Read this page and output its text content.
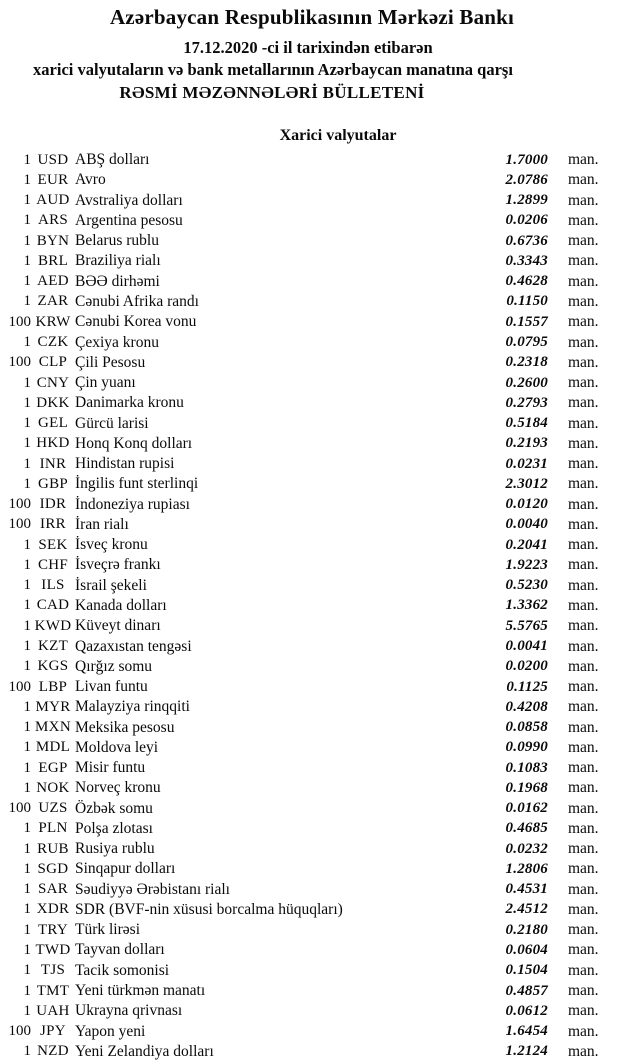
Azərbaycan Respublikasının Mərkəzi Bankı
17.12.2020 -ci il tarixindən etibarən
xarici valyutaların və bank metallarının Azərbaycan manatına qarşı
RƏSMİ MƏZƏNNƏLƏRİ BÜLLETENİ
Xarici valyutalar
1 USD ABŞ dolları	1.7000	man.
1 EUR Avro	2.0786	man.
1 AUD Avstraliya dolları	1.2899	man.
1 ARS Argentina pesosu	0.0206	man.
1 BYN Belarus rublu	0.6736	man.
1 BRL Braziliya rialı	0.3343	man.
1 AED BƏƏ dirhəmi	0.4628	man.
1 ZAR Cənubi Afrika randı	0.1150	man.
100 KRW Cənubi Korea vonu	0.1557	man.
1 CZK Çexiya kronu	0.0795	man.
100 CLP Çili Pesosu	0.2318	man.
1 CNY Çin yuanı	0.2600	man.
1 DKK Danimarka kronu	0.2793	man.
1 GEL Gürcü larisi	0.5184	man.
1 HKD Honq Konq dolları	0.2193	man.
1 INR Hindistan rupisi	0.0231	man.
1 GBP İngilis funt sterlinqi	2.3012	man.
100 IDR İndoneziya rupiası	0.0120	man.
100 IRR İran rialı	0.0040	man.
1 SEK İsveç kronu	0.2041	man.
1 CHF İsveçrə frankı	1.9223	man.
1 ILS İsrail şekeli	0.5230	man.
1 CAD Kanada dolları	1.3362	man.
1 KWD Küveyt dinarı	5.5765	man.
1 KZT Qazaxıstan tengəsi	0.0041	man.
1 KGS Qırğız somu	0.0200	man.
100 LBP Livan funtu	0.1125	man.
1 MYR Malayziya rinqqiti	0.4208	man.
1 MXN Meksika pesosu	0.0858	man.
1 MDL Moldova leyi	0.0990	man.
1 EGP Misir funtu	0.1083	man.
1 NOK Norveç kronu	0.1968	man.
100 UZS Özbək somu	0.0162	man.
1 PLN Polşa zlotası	0.4685	man.
1 RUB Rusiya rublu	0.0232	man.
1 SGD Sinqapur dolları	1.2806	man.
1 SAR Səudiyyə Ərəbistanı rialı	0.4531	man.
1 XDR SDR (BVF-nin xüsusi borcalma hüquqları)	2.4512	man.
1 TRY Türk lirəsi	0.2180	man.
1 TWD Tayvan dolları	0.0604	man.
1 TJS Tacik somonisi	0.1504	man.
1 TMT Yeni türkmən manatı	0.4857	man.
1 UAH Ukrayna qrivnası	0.0612	man.
100 JPY Yapon yeni	1.6454	man.
1 NZD Yeni Zelandiya dolları	1.2124	man.
